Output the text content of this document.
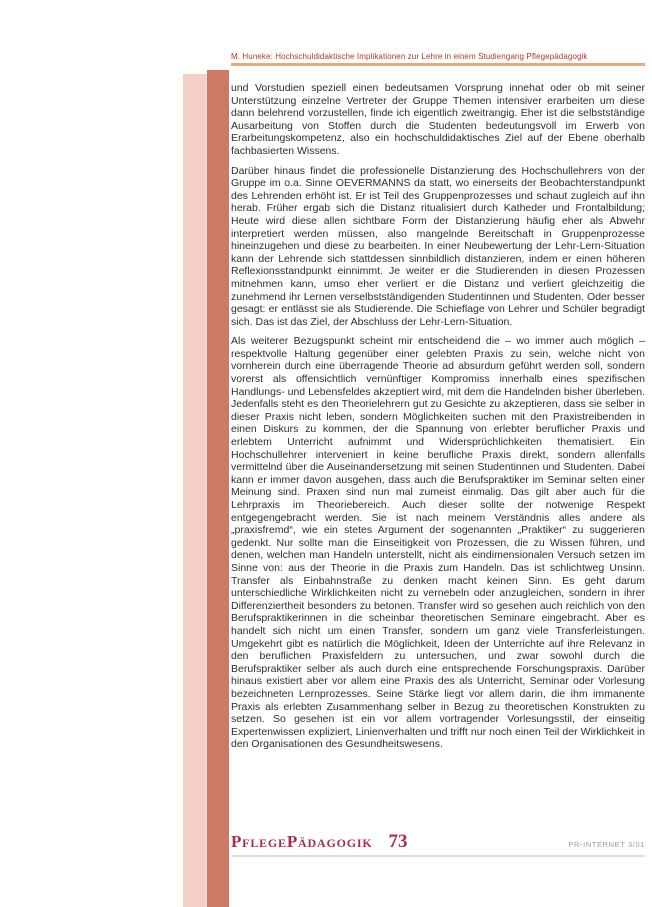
M. Huneke: Hochschuldidaktische Implikationen zur Lehre in einem Studiengang Pflegepädagogik

und Vorstudien speziell einen bedeutsamen Vorsprung innehat oder ob mit seiner Unterstützung einzelne Vertreter der Gruppe Themen intensiver erarbeiten um diese dann belehrend vorzustellen, finde ich eigentlich zweitrangig. Eher ist die selbstständige Ausarbeitung von Stoffen durch die Studenten bedeutungsvoll im Erwerb von Erarbeitungskompetenz, also ein hochschuldidaktisches Ziel auf der Ebene oberhalb fachbasierten Wissens.

Darüber hinaus findet die professionelle Distanzierung des Hochschullehrers von der Gruppe im o.a. Sinne OEVERMANNS da statt, wo einerseits der Beobachterstandpunkt des Lehrenden erhöht ist. Er ist Teil des Gruppenprozesses und schaut zugleich auf ihn herab. Früher ergab sich die Distanz ritualisiert durch Katheder und Frontalbildung; Heute wird diese allen sichtbare Form der Distanzierung häufig eher als Abwehr interpretiert werden müssen, also mangelnde Bereitschaft in Gruppenprozesse hineinzugehen und diese zu bearbeiten. In einer Neubewertung der Lehr-Lern-Situation kann der Lehrende sich stattdessen sinnbildlich distanzieren, indem er einen höheren Reflexionsstandpunkt einnimmt. Je weiter er die Studierenden in diesen Prozessen mitnehmen kann, umso eher verliert er die Distanz und verliert gleichzeitig die zunehmend ihr Lernen verselbstständigenden Studentinnen und Studenten. Oder besser gesagt: er entlässt sie als Studierende. Die Schieflage von Lehrer und Schüler begradigt sich. Das ist das Ziel, der Abschluss der Lehr-Lern-Situation.

Als weiterer Bezugspunkt scheint mir entscheidend die – wo immer auch möglich – respektvolle Haltung gegenüber einer gelebten Praxis zu sein, welche nicht von vornherein durch eine überragende Theorie ad absurdum geführt werden soll, sondern vorerst als offensichtlich vernünftiger Kompromiss innerhalb eines spezifischen Handlungs- und Lebensfeldes akzeptiert wird, mit dem die Handelnden bisher überleben. Jedenfalls steht es den Theorielehrern gut zu Gesichte zu akzeptieren, dass sie selber in dieser Praxis nicht leben, sondern Möglichkeiten suchen mit den Praxistreibenden in einen Diskurs zu kommen, der die Spannung von erlebter beruflicher Praxis und erlebtem Unterricht aufnimmt und Widersprüchlichkeiten thematisiert. Ein Hochschullehrer interveniert in keine berufliche Praxis direkt, sondern allenfalls vermittelnd über die Auseinandersetzung mit seinen Studentinnen und Studenten. Dabei kann er immer davon ausgehen, dass auch die Berufspraktiker im Seminar selten einer Meinung sind. Praxen sind nun mal zumeist einmalig. Das gilt aber auch für die Lehrpraxis im Theoriebereich. Auch dieser sollte der notwenige Respekt entgegengebracht werden. Sie ist nach meinem Verständnis alles andere als „praxisfremd“, wie ein stetes Argument der sogenannten „Praktiker“ zu suggerieren gedenkt. Nur sollte man die Einseitigkeit von Prozessen, die zu Wissen führen, und denen, welchen man Handeln unterstellt, nicht als eindimensionalen Versuch setzen im Sinne von: aus der Theorie in die Praxis zum Handeln. Das ist schlichtweg Unsinn. Transfer als Einbahnstraße zu denken macht keinen Sinn. Es geht darum unterschiedliche Wirklichkeiten nicht zu vernebeln oder anzugleichen, sondern in ihrer Differenziertheit besonders zu betonen. Transfer wird so gesehen auch reichlich von den Berufspraktikerinnen in die scheinbar theoretischen Seminare eingebracht. Aber es handelt sich nicht um einen Transfer, sondern um ganz viele Transferleistungen. Umgekehrt gibt es natürlich die Möglichkeit, Ideen der Unterrichte auf ihre Relevanz in den beruflichen Praxisfeldern zu untersuchen, und zwar sowohl durch die Berufspraktiker selber als auch durch eine entsprechende Forschungspraxis. Darüber hinaus existiert aber vor allem eine Praxis des als Unterricht, Seminar oder Vorlesung bezeichneten Lernprozesses. Seine Stärke liegt vor allem darin, die ihm immanente Praxis als erlebten Zusammenhang selber in Bezug zu theoretischen Konstrukten zu setzen. So gesehen ist ein vor allem vortragender Vorlesungsstil, der einseitig Expertenwissen expliziert, Linienverhalten und trifft nur noch einen Teil der Wirklichkeit in den Organisationen des Gesundheitswesens.

PflegePädagogik 73	PR-INTERNET 3/01
